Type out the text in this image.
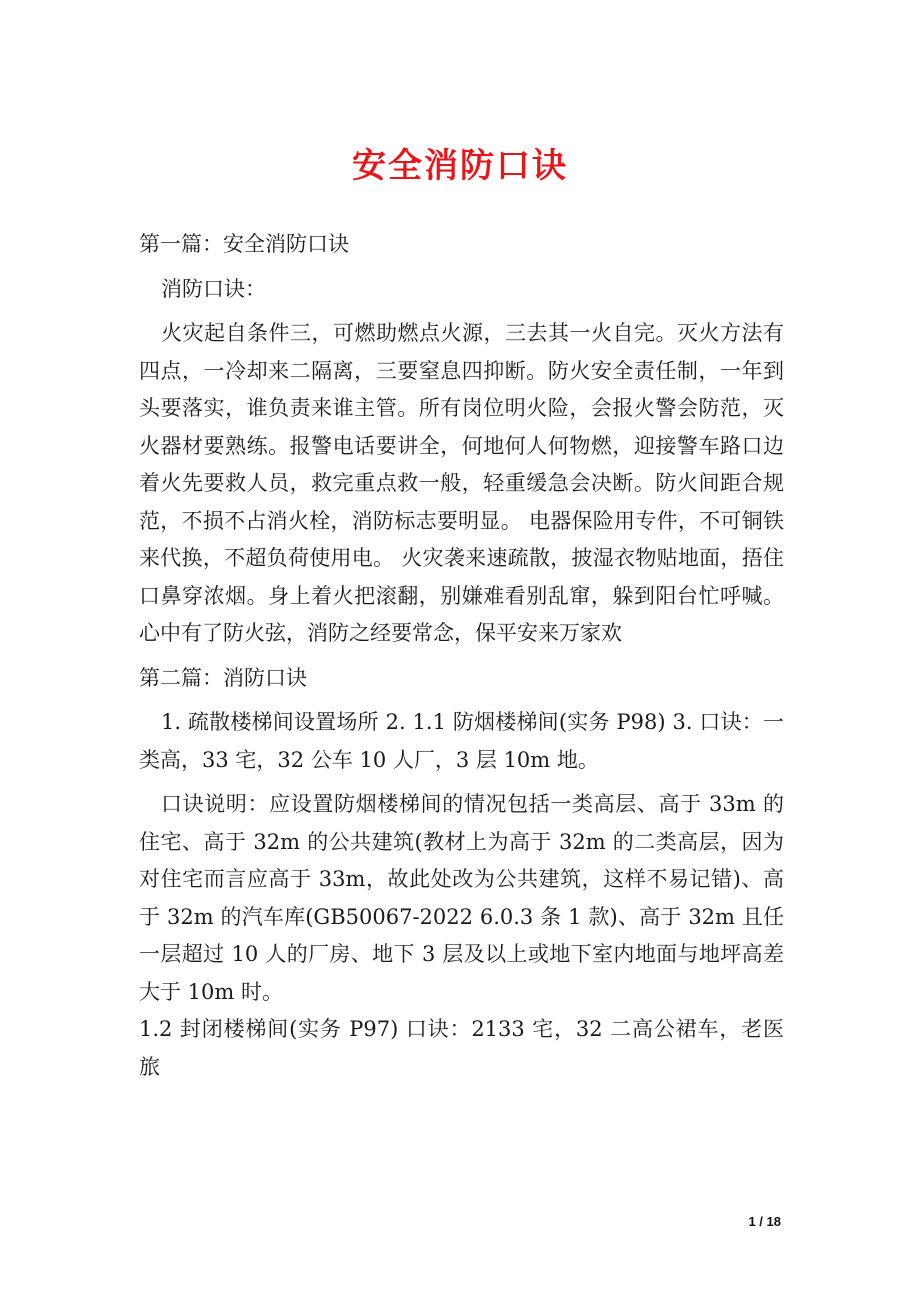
安全消防口诀

第一篇：安全消防口诀

消防口诀：

火灾起自条件三，可燃助燃点火源，三去其一火自完。灭火方法有四点，一冷却来二隔离，三要窒息四抑断。防火安全责任制，一年到头要落实，谁负责来谁主管。所有岗位明火险，会报火警会防范，灭火器材要熟练。报警电话要讲全，何地何人何物燃，迎接警车路口边着火先要救人员，救完重点救一般，轻重缓急会决断。防火间距合规范，不损不占消火栓，消防标志要明显。 电器保险用专件，不可铜铁来代换，不超负荷使用电。 火灾袭来速疏散，披湿衣物贴地面，捂住口鼻穿浓烟。身上着火把滚翻，别嫌难看别乱窜，躲到阳台忙呼喊。心中有了防火弦，消防之经要常念，保平安来万家欢

第二篇：消防口诀

1. 疏散楼梯间设置场所 2. 1.1 防烟楼梯间(实务 P98) 3. 口诀：一类高，33 宅，32 公车 10 人厂，3 层 10m 地。

口诀说明：应设置防烟楼梯间的情况包括一类高层、高于 33m 的住宅、高于 32m 的公共建筑(教材上为高于 32m 的二类高层，因为对住宅而言应高于 33m，故此处改为公共建筑，这样不易记错)、高于 32m 的汽车库(GB50067-2022 6.0.3 条 1 款)、高于 32m 且任一层超过 10 人的厂房、地下 3 层及以上或地下室内地面与地坪高差大于 10m 时。

1.2 封闭楼梯间(实务 P97) 口诀：2133 宅，32 二高公裙车，老医旅

1 / 18
